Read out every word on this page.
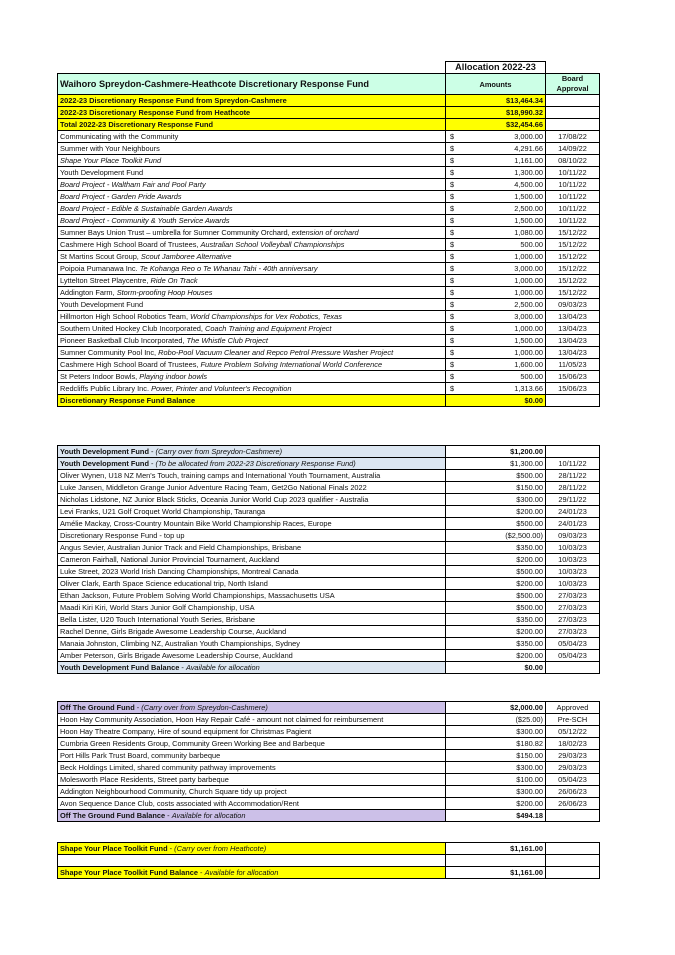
	Allocation 2022-23	
Waihoro Spreydon-Cashmere-Heathcote Discretionary Response Fund	Amounts	Board Approval
2022-23 Discretionary Response Fund from Spreydon-Cashmere	$13,464.34	
2022-23 Discretionary Response Fund from Heathcote	$18,990.32	
Total 2022-23 Discretionary Response Fund	$32,454.66	
Communicating with the Community	$ 3,000.00	17/08/22
Summer with Your Neighbours	$ 4,291.66	14/09/22
Shape Your Place Toolkit Fund	$ 1,161.00	08/10/22
Youth Development Fund	$ 1,300.00	10/11/22
Board Project - Waltham Fair and Pool Party	$ 4,500.00	10/11/22
Board Project - Garden Pride Awards	$ 1,500.00	10/11/22
Board Project - Edible & Sustainable Garden Awards	$ 2,500.00	10/11/22
Board Project - Community & Youth Service Awards	$ 1,500.00	10/11/22
Sumner Bays Union Trust – umbrella for Sumner Community Orchard, extension of orchard	$ 1,080.00	15/12/22
Cashmere High School Board of Trustees, Australian School Volleyball Championships	$ 500.00	15/12/22
St Martins Scout Group, Scout Jamboree Alternative	$ 1,000.00	15/12/22
Poipoia Pumanawa Inc. Te Kohanga Reo o Te Whanau Tahi - 40th anniversary	$ 3,000.00	15/12/22
Lyttelton Street Playcentre, Ride On Track	$ 1,000.00	15/12/22
Addington Farm, Storm-proofing Hoop Houses	$ 1,000.00	15/12/22
Youth Development Fund	$ 2,500.00	09/03/23
Hillmorton High School Robotics Team, World Championships for Vex Robotics, Texas	$ 3,000.00	13/04/23
Southern United Hockey Club Incorporated, Coach Training and Equipment Project	$ 1,000.00	13/04/23
Pioneer Basketball Club Incorporated, The Whistle Club Project	$ 1,500.00	13/04/23
Sumner Community Pool Inc, Robo-Pool Vacuum Cleaner and Repco Petrol Pressure Washer Project	$ 1,000.00	13/04/23
Cashmere High School Board of Trustees, Future Problem Solving International World Conference	$ 1,600.00	11/05/23
St Peters Indoor Bowls, Playing indoor bowls	$ 500.00	15/06/23
Redcliffs Public Library Inc. Power, Printer and Volunteer's Recognition	$ 1,313.66	15/06/23
Discretionary Response Fund Balance	$0.00	
Youth Development Fund - (Carry over from Spreydon-Cashmere)	$1,200.00	
Youth Development Fund - (To be allocated from 2022-23 Discretionary Response Fund)	$1,300.00	10/11/22
Oliver Wynen, U18 NZ Men's Touch, training camps and International Youth Tournament, Australia	$500.00	28/11/22
Luke Jansen, Middleton Grange Junior Adventure Racing Team, Get2Go National Finals 2022	$150.00	28/11/22
Nicholas Lidstone, NZ Junior Black Sticks, Oceania Junior World Cup 2023 qualifier - Australia	$300.00	29/11/22
Levi Franks, U21 Golf Croquet World Championship, Tauranga	$200.00	24/01/23
Amélie Mackay, Cross-Country Mountain Bike World Championship Races, Europe	$500.00	24/01/23
Discretionary Response Fund - top up	($2,500.00)	09/03/23
Angus Sevier, Australian Junior Track and Field Championships, Brisbane	$350.00	10/03/23
Cameron Fairhall, National Junior Provincial Tournament, Auckland	$200.00	10/03/23
Luke Street, 2023 World Irish Dancing Championships, Montreal Canada	$500.00	10/03/23
Oliver Clark, Earth Space Science educational trip, North Island	$200.00	10/03/23
Ethan Jackson, Future Problem Solving World Championships, Massachusetts USA	$500.00	27/03/23
Maadi Kiri Kiri, World Stars Junior Golf Championship, USA	$500.00	27/03/23
Bella Lister, U20 Touch International Youth Series, Brisbane	$350.00	27/03/23
Rachel Denne, Girls Brigade Awesome Leadership Course, Auckland	$200.00	27/03/23
Manaia Johnston, Climbing NZ, Australian Youth Championships, Sydney	$350.00	05/04/23
Amber Peterson, Girls Brigade Awesome Leadership Course, Auckland	$200.00	05/04/23
Youth Development Fund Balance - Available for allocation	$0.00	
Off The Ground Fund - (Carry over from Spreydon-Cashmere)	$2,000.00	Approved
Hoon Hay Community Association, Hoon Hay Repair Café - amount not claimed for reimbursement	($25.00)	Pre-SCH
Hoon Hay Theatre Company, Hire of sound equipment for Christmas Pagient	$300.00	05/12/22
Cumbria Green Residents Group, Community Green Working Bee and Barbeque	$180.82	18/02/23
Port Hills Park Trust Board, community barbeque	$150.00	29/03/23
Beck Holdings Limited, shared community pathway improvements	$300.00	29/03/23
Molesworth Place Residents, Street party barbeque	$100.00	05/04/23
Addington Neighbourhood Community, Church Square tidy up project	$300.00	26/06/23
Avon Sequence Dance Club, costs associated with Accommodation/Rent	$200.00	26/06/23
Off The Ground Fund Balance - Available for allocation	$494.18	
Shape Your Place Toolkit Fund - (Carry over from Heathcote)	$1,161.00	

Shape Your Place Toolkit Fund Balance - Available for allocation	$1,161.00	
